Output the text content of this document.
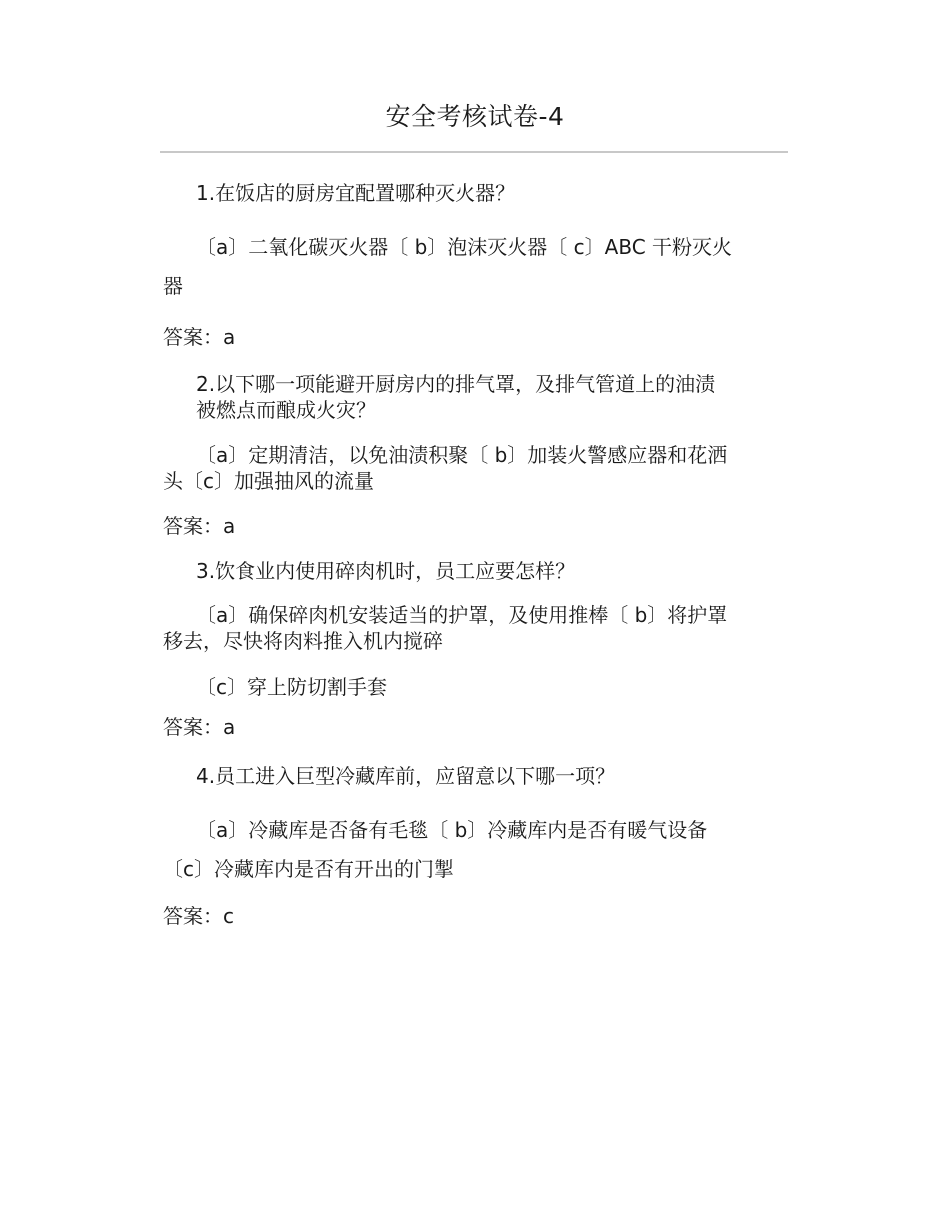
安全考核试卷-4
1.在饭店的厨房宜配置哪种灭火器？
〔a〕二氧化碳灭火器〔 b〕泡沫灭火器〔 c〕ABC 干粉灭火
器
答案：a
2.以下哪一项能避开厨房内的排气罩，及排气管道上的油渍
被燃点而酿成火灾？
〔a〕定期清洁，以免油渍积聚〔 b〕加装火警感应器和花洒
头〔c〕加强抽风的流量
答案：a
3.饮食业内使用碎肉机时，员工应要怎样？
〔a〕确保碎肉机安装适当的护罩，及使用推棒〔 b〕将护罩
移去，尽快将肉料推入机内搅碎
〔c〕穿上防切割手套
答案：a
4.员工进入巨型冷藏库前，应留意以下哪一项？
〔a〕冷藏库是否备有毛毯〔 b〕冷藏库内是否有暖气设备
〔c〕冷藏库内是否有开出的门掣
答案：c
